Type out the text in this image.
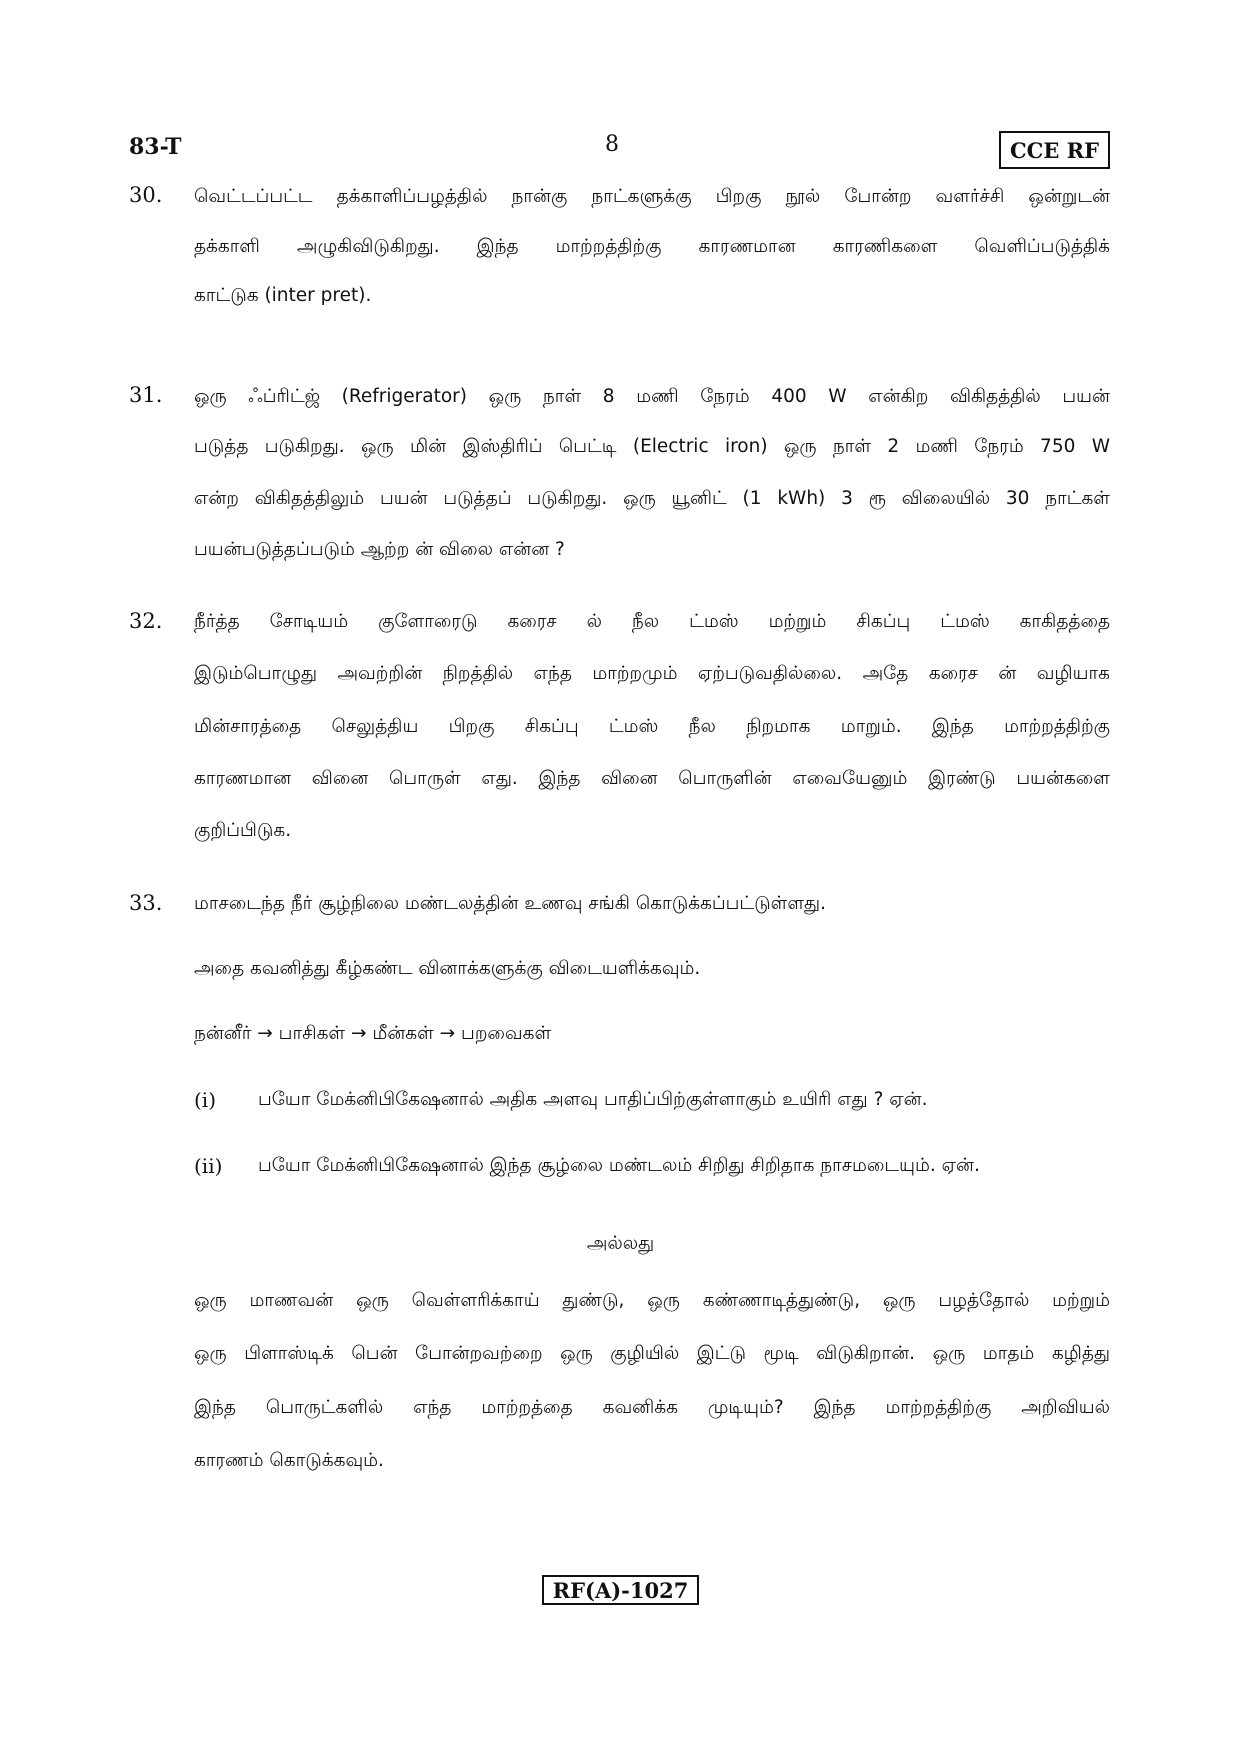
83-T	8	CCE RF
30. வெட்டப்பட்ட தக்காளிப்பழத்தில் நான்கு நாட்களுக்கு பிறகு நூல் போன்ற வளர்ச்சி ஒன்றுடன்
தக்காளி அழுகிவிடுகிறது. இந்த மாற்றத்திற்கு காரணமான காரணிகளை வெளிப்படுத்திக்
காட்டுக (inter pret).
31. ஒரு ஃப்ரிட்ஜ் (Refrigerator) ஒரு நாள் 8 மணி நேரம் 400 W என்கிற விகிதத்தில் பயன்
படுத்த படுகிறது. ஒரு மின் இஸ்திரிப் பெட்டி (Electric iron) ஒரு நாள் 2 மணி நேரம் 750 W
என்ற விகிதத்திலும் பயன் படுத்தப் படுகிறது. ஒரு யூனிட் (1 kWh) 3 ரூ விலையில் 30 நாட்கள்
பயன்படுத்தப்படும் ஆற்ற ன் விலை என்ன ?
32. நீர்த்த சோடியம் குளோரைடு கரைச ல் நீல ட்மஸ் மற்றும் சிகப்பு ட்மஸ் காகிதத்தை
இடும்பொழுது அவற்றின் நிறத்தில் எந்த மாற்றமும் ஏற்படுவதில்லை. அதே கரைச ன் வழியாக
மின்சாரத்தை செலுத்திய பிறகு சிகப்பு ட்மஸ் நீல நிறமாக மாறும். இந்த மாற்றத்திற்கு
காரணமான வினை பொருள் எது. இந்த வினை பொருளின் எவையேனும் இரண்டு பயன்களை
குறிப்பிடுக.
33. மாசடைந்த நீர் சூழ்நிலை மண்டலத்தின் உணவு சங்கி கொடுக்கப்பட்டுள்ளது.
அதை கவனித்து கீழ்கண்ட வினாக்களுக்கு விடையளிக்கவும்.
நன்னீர் → பாசிகள் → மீன்கள் → பறவைகள்
(i) பயோ மேக்னிபிகேஷனால் அதிக அளவு பாதிப்பிற்குள்ளாகும் உயிரி எது ? ஏன்.
(ii) பயோ மேக்னிபிகேஷனால் இந்த சூழ்லை மண்டலம் சிறிது சிறிதாக நாசமடையும். ஏன்.
அல்லது
ஒரு மாணவன் ஒரு வெள்ளரிக்காய் துண்டு, ஒரு கண்ணாடித்துண்டு, ஒரு பழத்தோல் மற்றும்
ஒரு பிளாஸ்டிக் பென் போன்றவற்றை ஒரு குழியில் இட்டு மூடி விடுகிறான். ஒரு மாதம் கழித்து
இந்த பொருட்களில் எந்த மாற்றத்தை கவனிக்க முடியும்? இந்த மாற்றத்திற்கு அறிவியல்
காரணம் கொடுக்கவும்.
RF(A)-1027
